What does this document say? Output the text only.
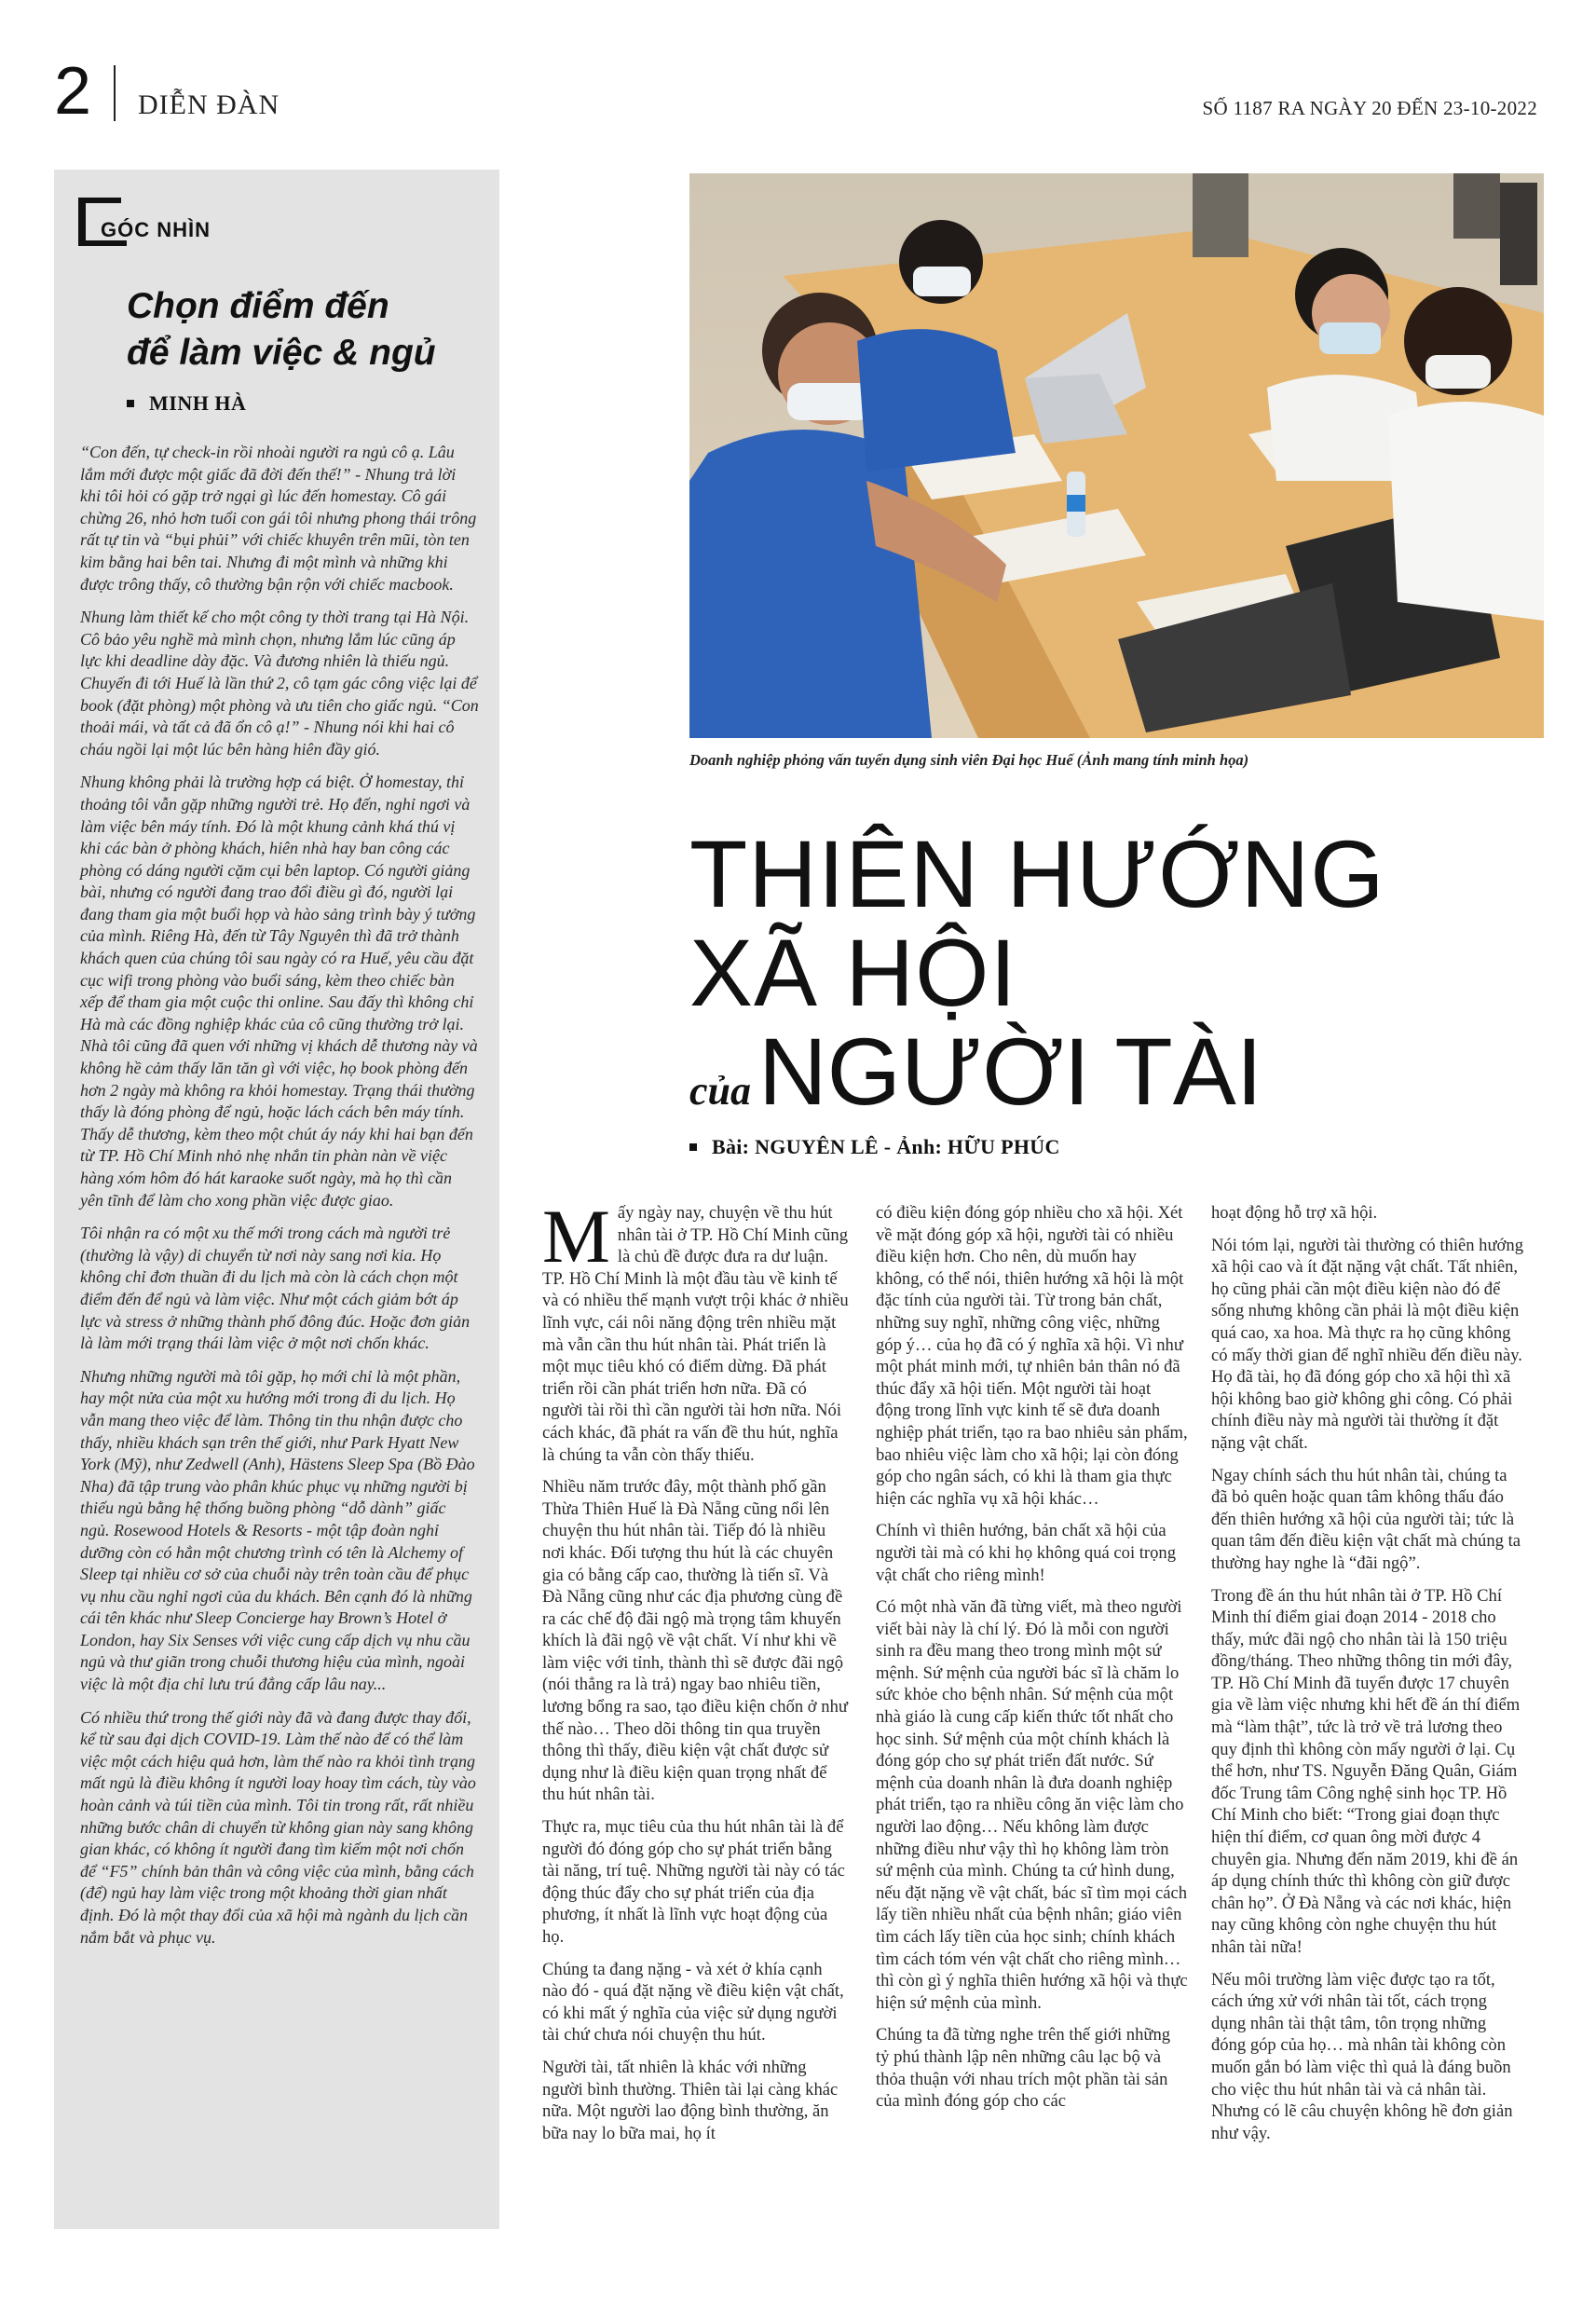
2 DIỄN ĐÀN	SỐ 1187 RA NGÀY 20 ĐẾN 23-10-2022
GÓC NHÌN
Chọn điểm đến
để làm việc & ngủ
MINH HÀ

“Con đến, tự check-in rồi nhoài người ra ngủ cô ạ. Lâu lắm mới được một giấc đã đời đến thế!” - Nhung trả lời khi tôi hỏi có gặp trở ngại gì lúc đến homestay. Cô gái chừng 26, nhỏ hơn tuổi con gái tôi nhưng phong thái trông rất tự tin và “bụi phủi” với chiếc khuyên trên mũi, tòn ten kim bằng hai bên tai. Nhưng đi một mình và những khi được trông thấy, cô thường bận rộn với chiếc macbook.

Nhung làm thiết kế cho một công ty thời trang tại Hà Nội. Cô bảo yêu nghề mà mình chọn, nhưng lắm lúc cũng áp lực khi deadline dày đặc. Và đương nhiên là thiếu ngủ. Chuyến đi tới Huế là lần thứ 2, cô tạm gác công việc lại để book (đặt phòng) một phòng và ưu tiên cho giấc ngủ. “Con thoải mái, và tất cả đã ổn cô ạ!” - Nhung nói khi hai cô cháu ngồi lại một lúc bên hàng hiên đầy gió.

Nhung không phải là trường hợp cá biệt. Ở homestay, thỉ thoảng tôi vẫn gặp những người trẻ. Họ đến, nghỉ ngơi và làm việc bên máy tính. Đó là một khung cảnh khá thú vị khi các bàn ở phòng khách, hiên nhà hay ban công các phòng có dáng người cặm cụi bên laptop. Có người giảng bài, nhưng có người đang trao đổi điều gì đó, người lại đang tham gia một buổi họp và hào sảng trình bày ý tưởng của mình. Riêng Hà, đến từ Tây Nguyên thì đã trở thành khách quen của chúng tôi sau ngày có ra Huế, yêu cầu đặt cục wifi trong phòng vào buổi sáng, kèm theo chiếc bàn xếp để tham gia một cuộc thi online. Sau đấy thì không chỉ Hà mà các đồng nghiệp khác của cô cũng thường trở lại. Nhà tôi cũng đã quen với những vị khách dễ thương này và không hề cảm thấy lăn tăn gì với việc, họ book phòng đến hơn 2 ngày mà không ra khỏi homestay. Trạng thái thường thấy là đóng phòng để ngủ, hoặc lách cách bên máy tính. Thấy dễ thương, kèm theo một chút áy náy khi hai bạn đến từ TP. Hồ Chí Minh nhỏ nhẹ nhắn tin phàn nàn về việc hàng xóm hôm đó hát karaoke suốt ngày, mà họ thì cần yên tĩnh để làm cho xong phần việc được giao.

Tôi nhận ra có một xu thế mới trong cách mà người trẻ (thường là vậy) di chuyển từ nơi này sang nơi kia. Họ không chỉ đơn thuần đi du lịch mà còn là cách chọn một điểm đến để ngủ và làm việc. Như một cách giảm bớt áp lực và stress ở những thành phố đông đúc. Hoặc đơn giản là làm mới trạng thái làm việc ở một nơi chốn khác.

Nhưng những người mà tôi gặp, họ mới chỉ là một phần, hay một nửa của một xu hướng mới trong đi du lịch. Họ vẫn mang theo việc để làm. Thông tin thu nhận được cho thấy, nhiều khách sạn trên thế giới, như Park Hyatt New York (Mỹ), như Zedwell (Anh), Hästens Sleep Spa (Bồ Đào Nha) đã tập trung vào phân khúc phục vụ những người bị thiếu ngủ bằng hệ thống buồng phòng “dỗ dành” giấc ngủ. Rosewood Hotels & Resorts - một tập đoàn nghỉ dưỡng còn có hẳn một chương trình có tên là Alchemy of Sleep tại nhiều cơ sở của chuỗi này trên toàn cầu để phục vụ nhu cầu nghỉ ngơi của du khách. Bên cạnh đó là những cái tên khác như Sleep Concierge hay Brown’s Hotel ở London, hay Six Senses với việc cung cấp dịch vụ nhu cầu ngủ và thư giãn trong chuỗi thương hiệu của mình, ngoài việc là một địa chỉ lưu trú đẳng cấp lâu nay...

Có nhiều thứ trong thế giới này đã và đang được thay đổi, kể từ sau đại dịch COVID-19. Làm thế nào để có thể làm việc một cách hiệu quả hơn, làm thế nào ra khỏi tình trạng mất ngủ là điều không ít người loay hoay tìm cách, tùy vào hoàn cảnh và túi tiền của mình. Tôi tin trong rất, rất nhiều những bước chân di chuyển từ không gian này sang không gian khác, có không ít người đang tìm kiếm một nơi chốn để “F5” chính bản thân và công việc của mình, bằng cách (để) ngủ hay làm việc trong một khoảng thời gian nhất định. Đó là một thay đổi của xã hội mà ngành du lịch cần nắm bắt và phục vụ.

Doanh nghiệp phỏng vấn tuyển dụng sinh viên Đại học Huế (Ảnh mang tính minh họa)
THIÊN HƯỚNG
XÃ HỘI
củaNGƯỜI TÀI
Bài: NGUYÊN LÊ - Ảnh: HỮU PHÚC

Mấy ngày nay, chuyện về thu hút nhân tài ở TP. Hồ Chí Minh cũng là chủ đề được đưa ra dư luận. TP. Hồ Chí Minh là một đầu tàu về kinh tế và có nhiều thế mạnh vượt trội khác ở nhiều lĩnh vực, cái nôi năng động trên nhiều mặt mà vẫn cần thu hút nhân tài. Phát triển là một mục tiêu khó có điểm dừng. Đã phát triển rồi cần phát triển hơn nữa. Đã có người tài rồi thì cần người tài hơn nữa. Nói cách khác, đã phát ra vấn đề thu hút, nghĩa là chúng ta vẫn còn thấy thiếu.

Nhiều năm trước đây, một thành phố gần Thừa Thiên Huế là Đà Nẵng cũng nổi lên chuyện thu hút nhân tài. Tiếp đó là nhiều nơi khác. Đối tượng thu hút là các chuyên gia có bằng cấp cao, thường là tiến sĩ. Và Đà Nẵng cũng như các địa phương cùng đề ra các chế độ đãi ngộ mà trọng tâm khuyến khích là đãi ngộ về vật chất. Ví như khi về làm việc với tỉnh, thành thì sẽ được đãi ngộ (nói thẳng ra là trả) ngay bao nhiêu tiền, lương bổng ra sao, tạo điều kiện chốn ở như thế nào… Theo dõi thông tin qua truyền thông thì thấy, điều kiện vật chất được sử dụng như là điều kiện quan trọng nhất để thu hút nhân tài.

Thực ra, mục tiêu của thu hút nhân tài là để người đó đóng góp cho sự phát triển bằng tài năng, trí tuệ. Những người tài này có tác động thúc đẩy cho sự phát triển của địa phương, ít nhất là lĩnh vực hoạt động của họ.

Chúng ta đang nặng - và xét ở khía cạnh nào đó - quá đặt nặng về điều kiện vật chất, có khi mất ý nghĩa của việc sử dụng người tài chứ chưa nói chuyện thu hút.

Người tài, tất nhiên là khác với những người bình thường. Thiên tài lại càng khác nữa. Một người lao động bình thường, ăn bữa nay lo bữa mai, họ ít

có điều kiện đóng góp nhiều cho xã hội. Xét về mặt đóng góp xã hội, người tài có nhiều điều kiện hơn. Cho nên, dù muốn hay không, có thể nói, thiên hướng xã hội là một đặc tính của người tài. Từ trong bản chất, những suy nghĩ, những công việc, những góp ý… của họ đã có ý nghĩa xã hội. Vì như một phát minh mới, tự nhiên bản thân nó đã thúc đẩy xã hội tiến. Một người tài hoạt động trong lĩnh vực kinh tế sẽ đưa doanh nghiệp phát triển, tạo ra bao nhiêu sản phẩm, bao nhiêu việc làm cho xã hội; lại còn đóng góp cho ngân sách, có khi là tham gia thực hiện các nghĩa vụ xã hội khác…

Chính vì thiên hướng, bản chất xã hội của người tài mà có khi họ không quá coi trọng vật chất cho riêng mình!

Có một nhà văn đã từng viết, mà theo người viết bài này là chí lý. Đó là mỗi con người sinh ra đều mang theo trong mình một sứ mệnh. Sứ mệnh của người bác sĩ là chăm lo sức khỏe cho bệnh nhân. Sứ mệnh của một nhà giáo là cung cấp kiến thức tốt nhất cho học sinh. Sứ mệnh của một chính khách là đóng góp cho sự phát triển đất nước. Sứ mệnh của doanh nhân là đưa doanh nghiệp phát triển, tạo ra nhiều công ăn việc làm cho người lao động… Nếu không làm được những điều như vậy thì họ không làm tròn sứ mệnh của mình. Chúng ta cứ hình dung, nếu đặt nặng về vật chất, bác sĩ tìm mọi cách lấy tiền nhiều nhất của bệnh nhân; giáo viên tìm cách lấy tiền của học sinh; chính khách tìm cách tóm vén vật chất cho riêng mình… thì còn gì ý nghĩa thiên hướng xã hội và thực hiện sứ mệnh của mình.

Chúng ta đã từng nghe trên thế giới những tỷ phú thành lập nên những câu lạc bộ và thỏa thuận với nhau trích một phần tài sản của mình đóng góp cho các

hoạt động hỗ trợ xã hội.

Nói tóm lại, người tài thường có thiên hướng xã hội cao và ít đặt nặng vật chất. Tất nhiên, họ cũng phải cần một điều kiện nào đó để sống nhưng không cần phải là một điều kiện quá cao, xa hoa. Mà thực ra họ cũng không có mấy thời gian để nghĩ nhiều đến điều này. Họ đã tài, họ đã đóng góp cho xã hội thì xã hội không bao giờ không ghi công. Có phải chính điều này mà người tài thường ít đặt nặng vật chất.

Ngay chính sách thu hút nhân tài, chúng ta đã bỏ quên hoặc quan tâm không thấu đáo đến thiên hướng xã hội của người tài; tức là quan tâm đến điều kiện vật chất mà chúng ta thường hay nghe là “đãi ngộ”.

Trong đề án thu hút nhân tài ở TP. Hồ Chí Minh thí điểm giai đoạn 2014 - 2018 cho thấy, mức đãi ngộ cho nhân tài là 150 triệu đồng/tháng. Theo những thông tin mới đây, TP. Hồ Chí Minh đã tuyển được 17 chuyên gia về làm việc nhưng khi hết đề án thí điểm mà “làm thật”, tức là trở về trả lương theo quy định thì không còn mấy người ở lại. Cụ thể hơn, như TS. Nguyễn Đăng Quân, Giám đốc Trung tâm Công nghệ sinh học TP. Hồ Chí Minh cho biết: “Trong giai đoạn thực hiện thí điểm, cơ quan ông mời được 4 chuyên gia. Nhưng đến năm 2019, khi đề án áp dụng chính thức thì không còn giữ được chân họ”. Ở Đà Nẵng và các nơi khác, hiện nay cũng không còn nghe chuyện thu hút nhân tài nữa!

Nếu môi trường làm việc được tạo ra tốt, cách ứng xử với nhân tài tốt, cách trọng dụng nhân tài thật tâm, tôn trọng những đóng góp của họ… mà nhân tài không còn muốn gắn bó làm việc thì quả là đáng buồn cho việc thu hút nhân tài và cả nhân tài. Nhưng có lẽ câu chuyện không hề đơn giản như vậy.
